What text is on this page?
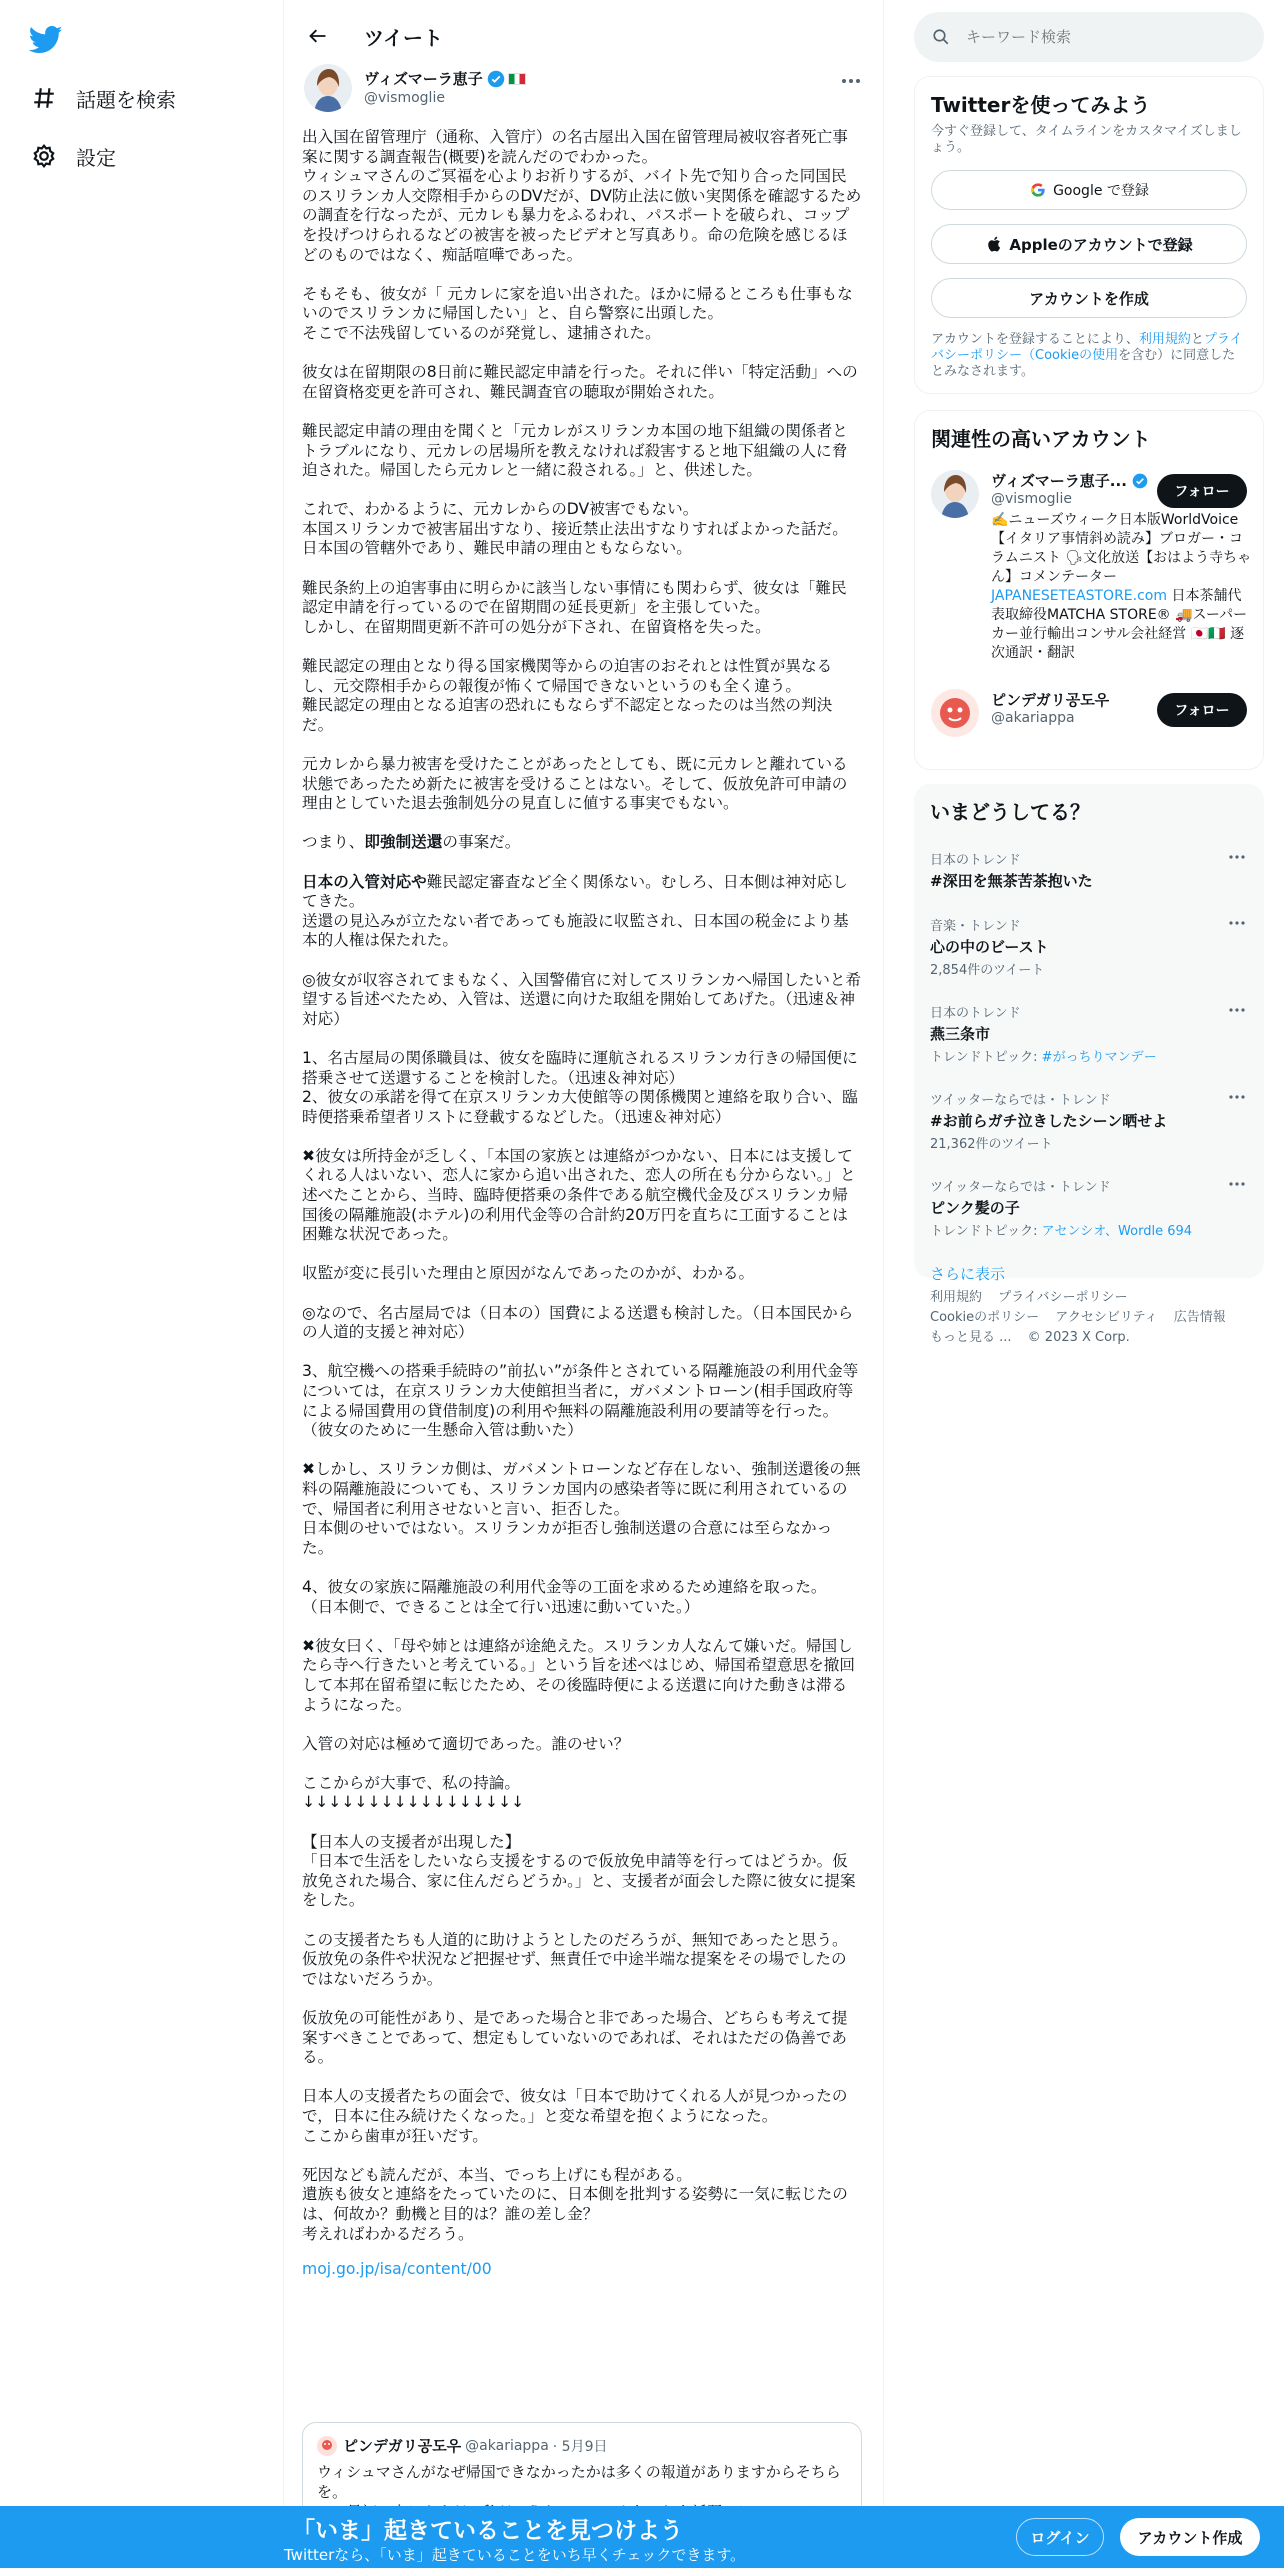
話題を検索
設定
ツイート
ヴィズマーラ恵子
@vismoglie
出入国在留管理庁（通称、入管庁）の名古屋出入国在留管理局被収容者死亡事案に関する調査報告(概要)を読んだのでわかった。
ウィシュマさんのご冥福を心よりお祈りするが、バイト先で知り合った同国民のスリランカ人交際相手からのDVだが、DV防止法に倣い実関係を確認するための調査を行なったが、元カレも暴力をふるわれ、パスポートを破られ、コップを投げつけられるなどの被害を被ったビデオと写真あり。命の危険を感じるほどのものではなく、痴話喧嘩であった。
そもそも、彼女が「 元カレに家を追い出された。ほかに帰るところも仕事もないのでスリランカに帰国したい」と、自ら警察に出頭した。
そこで不法残留しているのが発覚し、逮捕された。
彼女は在留期限の8日前に難民認定申請を行った。それに伴い「特定活動」への在留資格変更を許可され、難民調査官の聴取が開始された。
難民認定申請の理由を聞くと「元カレがスリランカ本国の地下組織の関係者とトラブルになり、元カレの居場所を教えなければ殺害すると地下組織の人に脅迫された。帰国したら元カレと一緒に殺される。」と、供述した。
これで、わかるように、元カレからのDV被害でもない。
本国スリランカで被害届出すなり、接近禁止法出すなりすればよかった話だ。
日本国の管轄外であり、難民申請の理由ともならない。
難民条約上の迫害事由に明らかに該当しない事情にも関わらず、彼女は「難民認定申請を行っているので在留期間の延長更新」を主張していた。
しかし、在留期間更新不許可の処分が下され、在留資格を失った。
難民認定の理由となり得る国家機関等からの迫害のおそれとは性質が異なるし、元交際相手からの報復が怖くて帰国できないというのも全く違う。
難民認定の理由となる迫害の恐れにもならず不認定となったのは当然の判決だ。
元カレから暴力被害を受けたことがあったとしても、既に元カレと離れている状態であったため新たに被害を受けることはない。そして、仮放免許可申請の理由としていた退去強制処分の見直しに値する事実でもない。
つまり、即強制送還の事案だ。
日本の入管対応や難民認定審査など全く関係ない。むしろ、日本側は神対応してきた。
送還の見込みが立たない者であっても施設に収監され、日本国の税金により基本的人権は保たれた。
◎彼女が収容されてまもなく、入国警備官に対してスリランカへ帰国したいと希望する旨述べたため、入管は、送還に向けた取組を開始してあげた。（迅速＆神対応）
1、名古屋局の関係職員は、彼女を臨時に運航されるスリランカ行きの帰国便に搭乗させて送還することを検討した。（迅速＆神対応）
2、彼女の承諾を得て在京スリランカ大使館等の関係機関と連絡を取り合い、臨時便搭乗希望者リストに登載するなどした。（迅速＆神対応）
✖彼女は所持金が乏しく、「本国の家族とは連絡がつかない、日本には支援してくれる人はいない、恋人に家から追い出された、恋人の所在も分からない。」と述べたことから、当時、臨時便搭乗の条件である航空機代金及びスリランカ帰国後の隔離施設(ホテル)の利用代金等の合計約20万円を直ちに工面することは困難な状況であった。
収監が変に長引いた理由と原因がなんであったのかが、わかる。
◎なので、名古屋局では（日本の）国費による送還も検討した。（日本国民からの人道的支援と神対応）
3、航空機への搭乗手続時の”前払い”が条件とされている隔離施設の利用代金等については，在京スリランカ大使館担当者に，ガバメントローン(相手国政府等による帰国費用の貸借制度)の利用や無料の隔離施設利用の要請等を行った。
（彼女のために一生懸命入管は動いた）
✖しかし、スリランカ側は、ガバメントローンなど存在しない、強制送還後の無料の隔離施設についても、スリランカ国内の感染者等に既に利用されているので、帰国者に利用させないと言い、拒否した。
日本側のせいではない。スリランカが拒否し強制送還の合意には至らなかった。
4、彼女の家族に隔離施設の利用代金等の工面を求めるため連絡を取った。
（日本側で、できることは全て行い迅速に動いていた。）
✖彼女曰く、「母や姉とは連絡が途絶えた。スリランカ人なんて嫌いだ。帰国したら寺へ行きたいと考えている。」という旨を述べはじめ、帰国希望意思を撤回して本邦在留希望に転じたため、その後臨時便による送還に向けた動きは滞るようになった。
入管の対応は極めて適切であった。誰のせい？
ここからが大事で、私の持論。
↓↓↓↓↓↓↓↓↓↓↓↓↓↓↓↓↓
【日本人の支援者が出現した】
「日本で生活をしたいなら支援をするので仮放免申請等を行ってはどうか。仮放免された場合、家に住んだらどうか。」と、支援者が面会した際に彼女に提案をした。
この支援者たちも人道的に助けようとしたのだろうが、無知であったと思う。仮放免の条件や状況など把握せず、無責任で中途半端な提案をその場でしたのではないだろうか。
仮放免の可能性があり、是であった場合と非であった場合、どちらも考えて提案すべきことであって、想定もしていないのであれば、それはただの偽善である。
日本人の支援者たちの面会で、彼女は「日本で助けてくれる人が見つかったので，日本に住み続けたくなった。」と変な希望を抱くようになった。
ここから歯車が狂いだす。
死因なども読んだが、本当、でっち上げにも程がある。
遺族も彼女と連絡をたっていたのに、日本側を批判する姿勢に一気に転じたのは、何故か？動機と目的は？誰の差し金？
考えればわかるだろう。
moj.go.jp/isa/content/00
ピンデガリ공도우 @akariappa · 5月9日
ウィシュマさんがなぜ帰国できなかったかは多くの報道がありますからそちらを。

キーワード検索
Twitterを使ってみよう
今すぐ登録して、タイムラインをカスタマイズしましょう。
Google で登録
Appleのアカウントで登録
アカウントを作成
アカウントを登録することにより、利用規約とプライバシーポリシー（Cookieの使用を含む）に同意したとみなされます。
関連性の高いアカウント
ヴィズマーラ恵子...
@vismoglie
✍️ニューズウィーク日本版WorldVoice【イタリア事情斜め読み】ブロガー・コラムニスト 🗣文化放送【おはよう寺ちゃん】コメンテーター JAPANESETEASTORE.com 日本茶舗代表取締役MATCHA STORE® 🚚スーパーカー並行輸出コンサル会社経営 🇯🇵🇮🇹 逐次通訳・翻訳
フォロー
ピンデガリ공도우
@akariappa	フォロー
いまどうしてる？
日本のトレンド
#深田を無茶苦茶抱いた
音楽・トレンド
心の中のビースト
2,854件のツイート
日本のトレンド
燕三条市
トレンドトピック: #がっちりマンデー
ツイッターならでは・トレンド
#お前らガチ泣きしたシーン晒せよ
21,362件のツイート
ツイッターならでは・トレンド
ピンク髪の子
トレンドトピック: アセンシオ、Wordle 694
さらに表示
利用規約 プライバシーポリシー
Cookieのポリシー アクセシビリティ 広告情報
もっと見る ... © 2023 X Corp.
「いま」起きていることを見つけよう
Twitterなら、「いま」起きていることをいち早くチェックできます。
ログイン	アカウント作成
